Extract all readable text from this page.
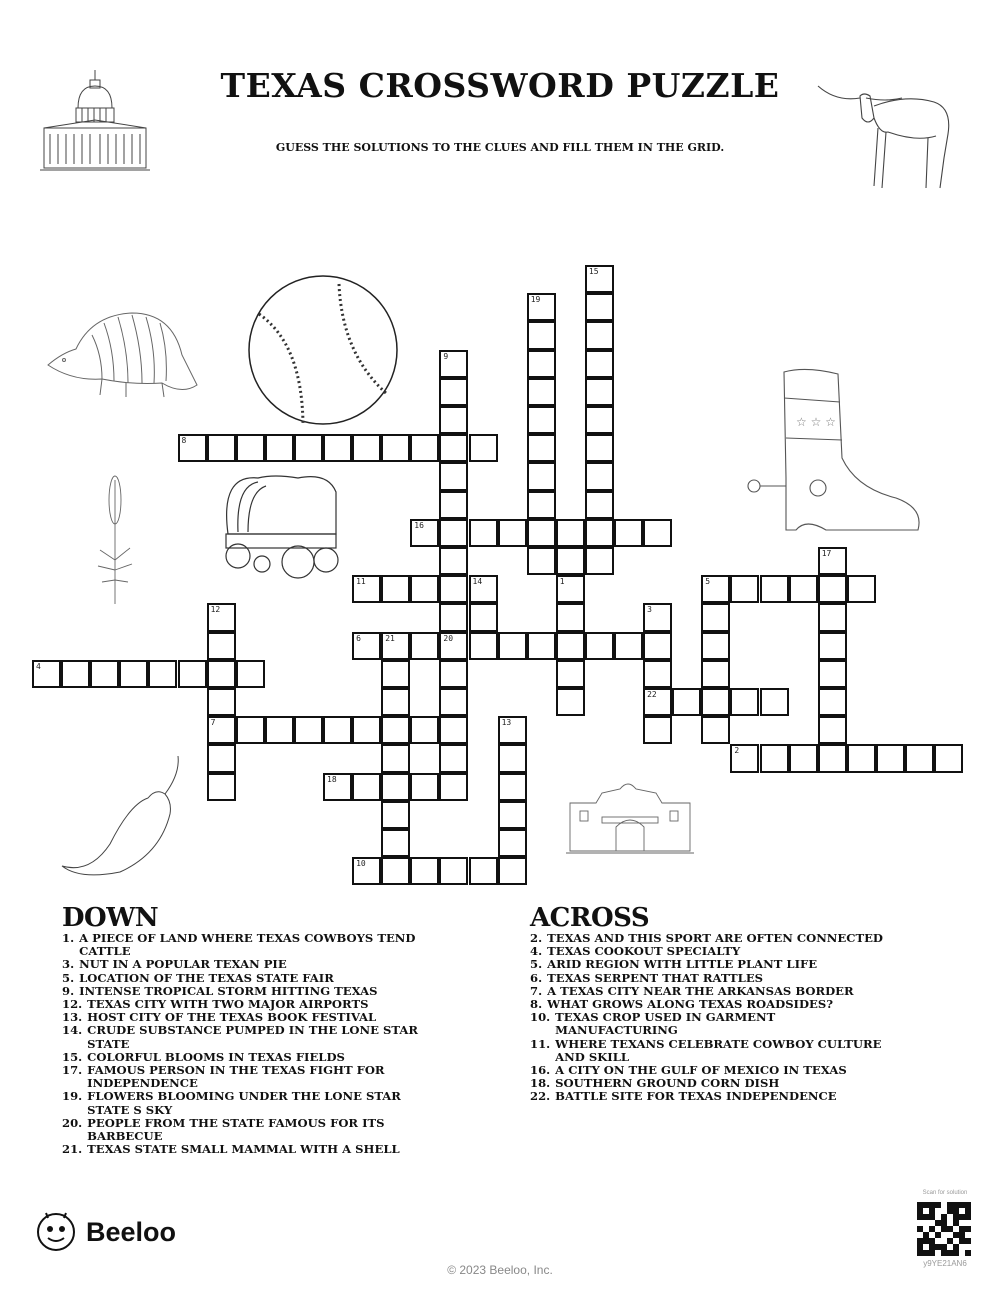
TEXAS CROSSWORD PUZZLE
GUESS THE SOLUTIONS TO THE CLUES AND FILL THEM IN THE GRID.
☆ ☆ ☆
15
19
9
8
16
11	14	1	5
17
12
7
3
22
6	21	20
4
13
2
18
10
DOWN
1. A PIECE OF LAND WHERE TEXAS COWBOYS TEND CATTLE
3. NUT IN A POPULAR TEXAN PIE
5. LOCATION OF THE TEXAS STATE FAIR
9. INTENSE TROPICAL STORM HITTING TEXAS
12. TEXAS CITY WITH TWO MAJOR AIRPORTS
13. HOST CITY OF THE TEXAS BOOK FESTIVAL
14. CRUDE SUBSTANCE PUMPED IN THE LONE STAR STATE
15. COLORFUL BLOOMS IN TEXAS FIELDS
17. FAMOUS PERSON IN THE TEXAS FIGHT FOR INDEPENDENCE
19. FLOWERS BLOOMING UNDER THE LONE STAR STATE S SKY
20. PEOPLE FROM THE STATE FAMOUS FOR ITS BARBECUE
21. TEXAS STATE SMALL MAMMAL WITH A SHELL
ACROSS
2. TEXAS AND THIS SPORT ARE OFTEN CONNECTED
4. TEXAS COOKOUT SPECIALTY
5. ARID REGION WITH LITTLE PLANT LIFE
6. TEXAS SERPENT THAT RATTLES
7. A TEXAS CITY NEAR THE ARKANSAS BORDER
8. WHAT GROWS ALONG TEXAS ROADSIDES?
10. TEXAS CROP USED IN GARMENT MANUFACTURING
11. WHERE TEXANS CELEBRATE COWBOY CULTURE AND SKILL
16. A CITY ON THE GULF OF MEXICO IN TEXAS
18. SOUTHERN GROUND CORN DISH
22. BATTLE SITE FOR TEXAS INDEPENDENCE
Beeloo
© 2023 Beeloo, Inc.
Scan for solution
y9YE21AN6
